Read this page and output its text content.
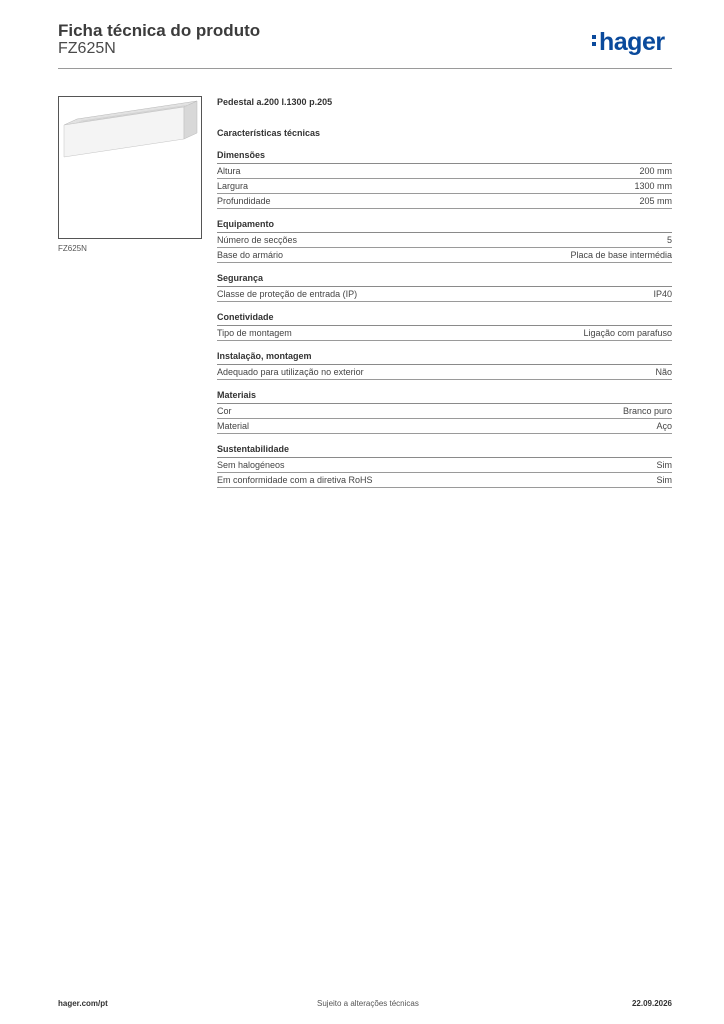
Ficha técnica do produto
FZ625N	hager
FZ625N
Pedestal a.200 l.1300 p.205
Características técnicas
Dimensões
Altura	200 mm
Largura	1300 mm
Profundidade	205 mm
Equipamento
Número de secções	5
Base do armário	Placa de base intermédia
Segurança
Classe de proteção de entrada (IP)	IP40
Conetividade
Tipo de montagem	Ligação com parafuso
Instalação, montagem
Adequado para utilização no exterior	Não
Materiais
Cor	Branco puro
Material	Aço
Sustentabilidade
Sem halogéneos	Sim
Em conformidade com a diretiva RoHS	Sim
hager.com/pt	Sujeito a alterações técnicas	22.09.2026
